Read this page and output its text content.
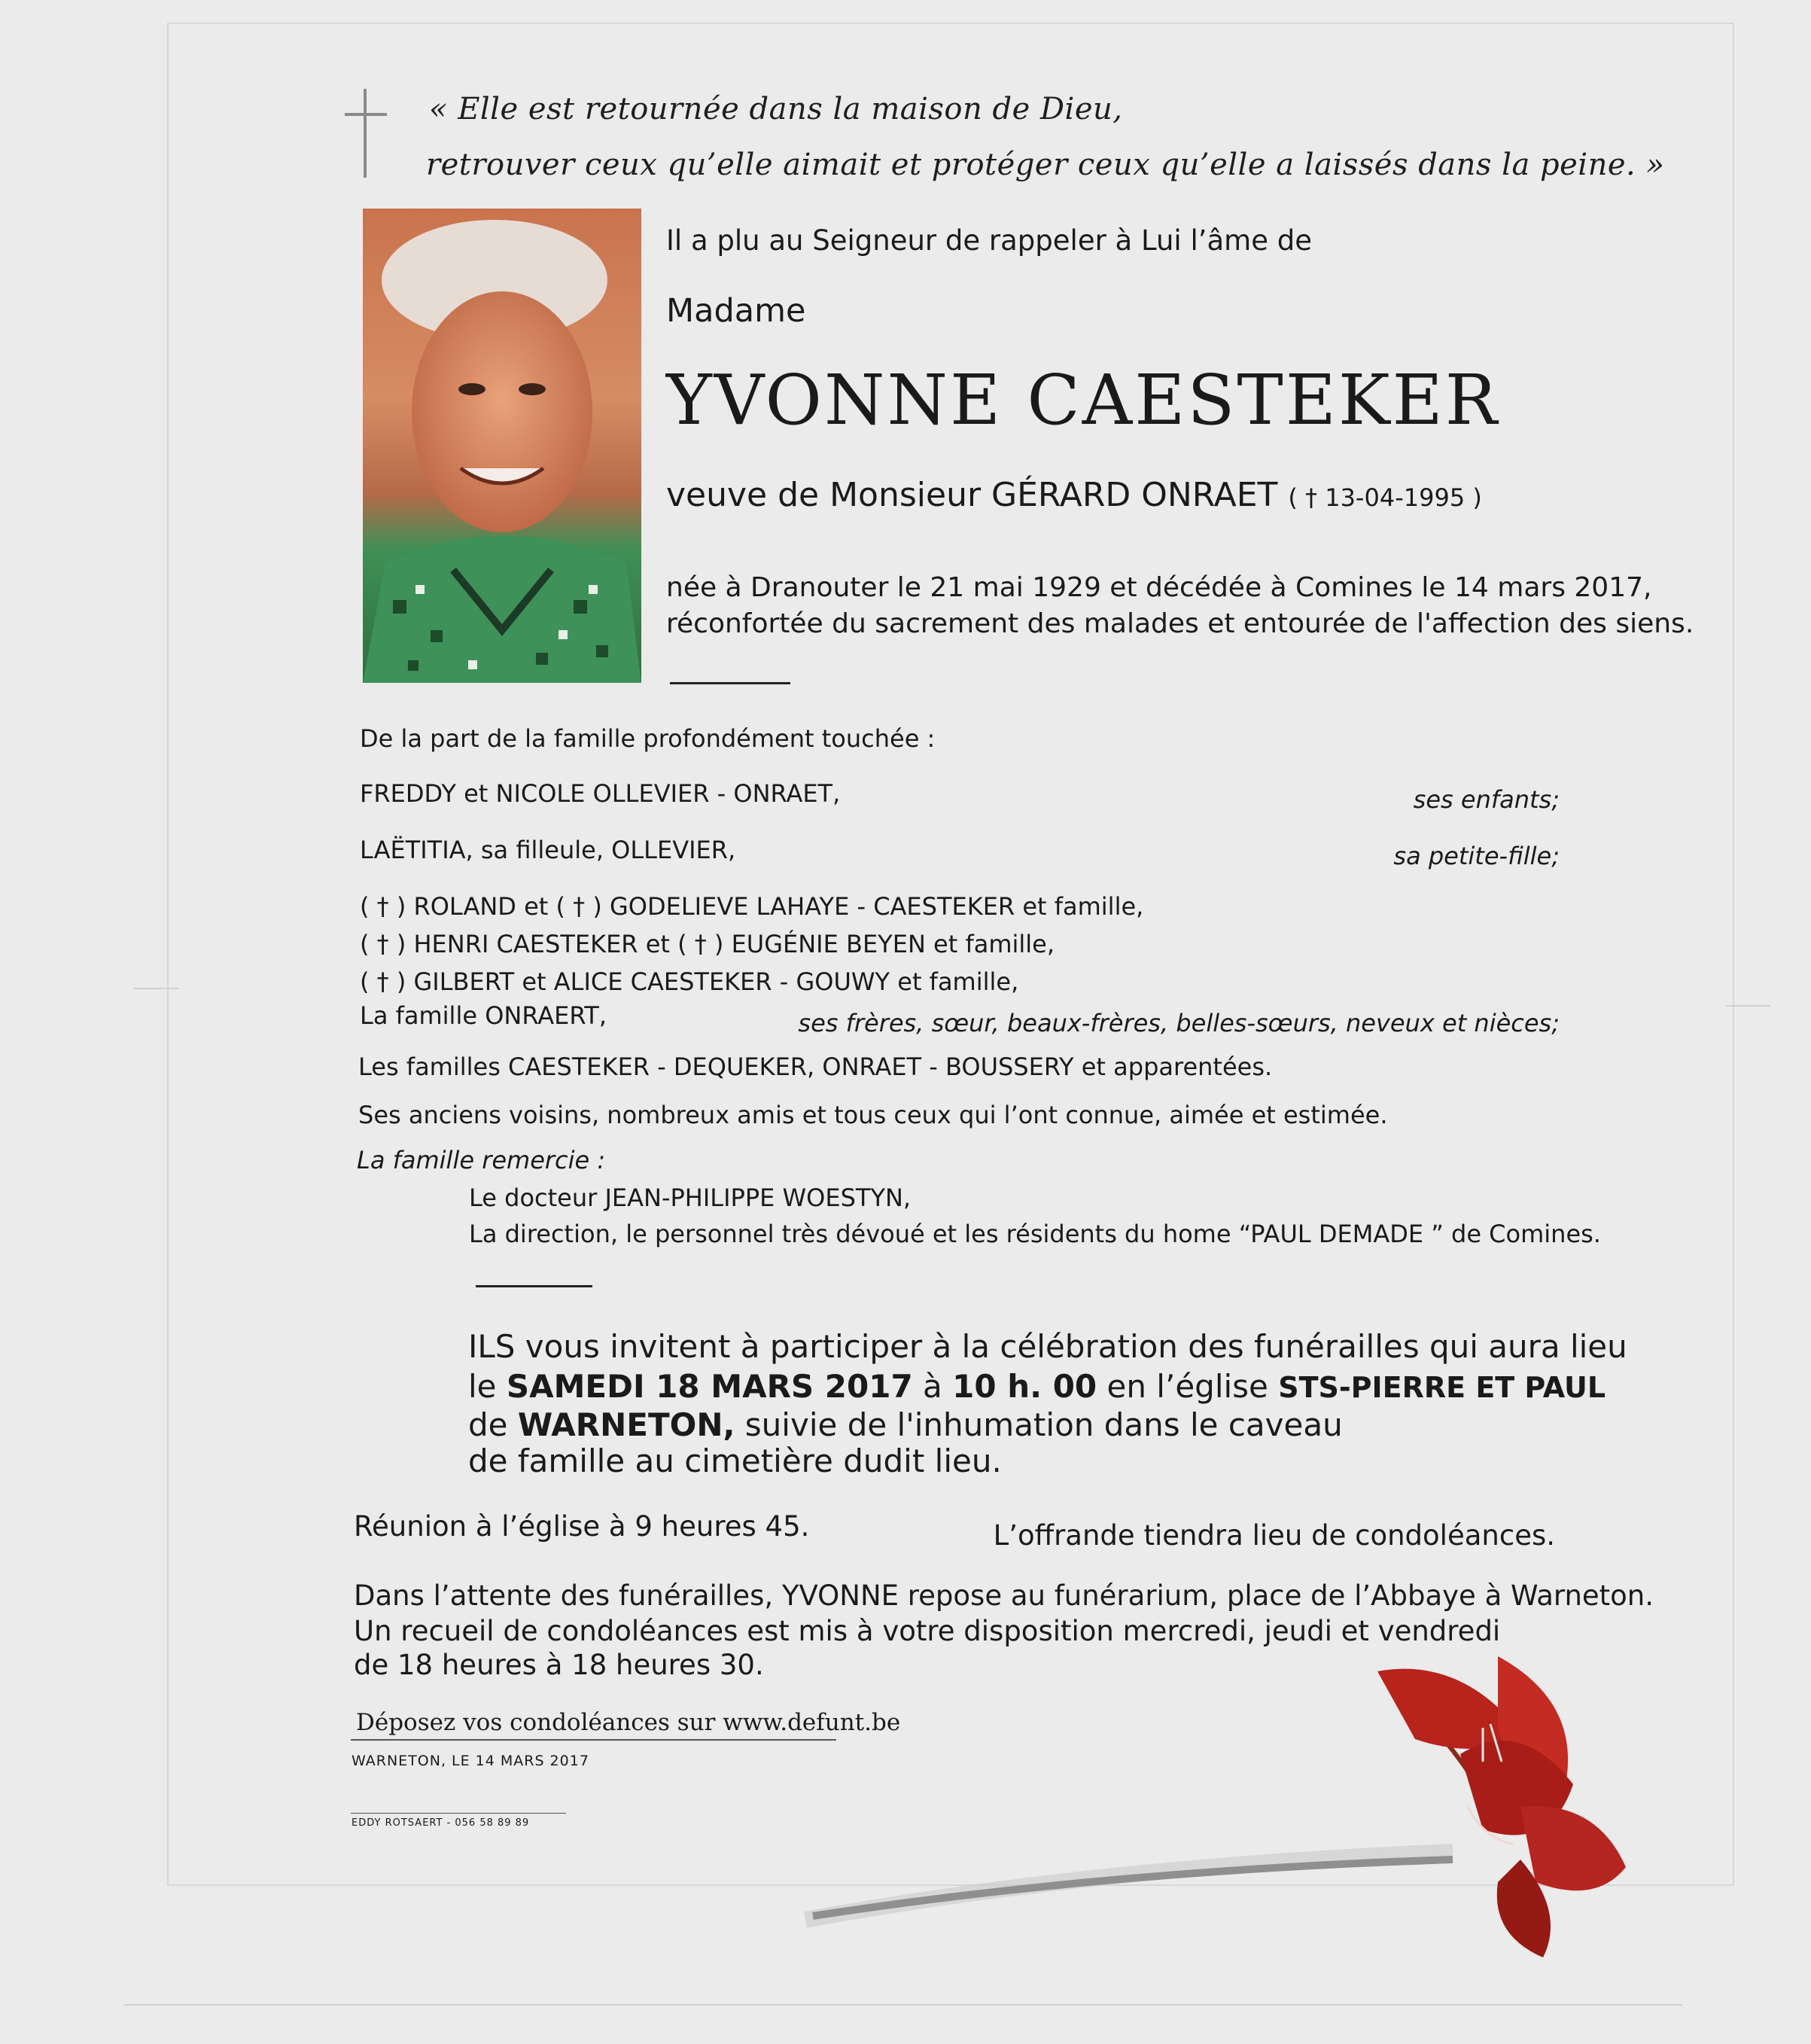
« Elle est retournée dans la maison de Dieu,
retrouver ceux qu’elle aimait et protéger ceux qu’elle a laissés dans la peine. »
Il a plu au Seigneur de rappeler à Lui l’âme de
Madame
YVONNE CAESTEKER
veuve de Monsieur GÉRARD ONRAET ( † 13-04-1995 )
née à Dranouter le 21 mai 1929 et décédée à Comines le 14 mars 2017,
réconfortée du sacrement des malades et entourée de l'affection des siens.
De la part de la famille profondément touchée :
FREDDY et NICOLE OLLEVIER - ONRAET,	ses enfants;
LAËTITIA, sa filleule, OLLEVIER,	sa petite-fille;
( † ) ROLAND et ( † ) GODELIEVE LAHAYE - CAESTEKER et famille,
( † ) HENRI CAESTEKER et ( † ) EUGÉNIE BEYEN et famille,
( † ) GILBERT et ALICE CAESTEKER - GOUWY et famille,
La famille ONRAERT,	ses frères, sœur, beaux-frères, belles-sœurs, neveux et nièces;
Les familles CAESTEKER - DEQUEKER, ONRAET - BOUSSERY et apparentées.
Ses anciens voisins, nombreux amis et tous ceux qui l’ont connue, aimée et estimée.
La famille remercie :
Le docteur JEAN-PHILIPPE WOESTYN,
La direction, le personnel très dévoué et les résidents du home “PAUL DEMADE ” de Comines.
ILS vous invitent à participer à la célébration des funérailles qui aura lieu
le SAMEDI 18 MARS 2017 à 10 h. 00 en l’église STS-PIERRE ET PAUL
de WARNETON, suivie de l'inhumation dans le caveau
de famille au cimetière dudit lieu.
Réunion à l’église à 9 heures 45.	L’offrande tiendra lieu de condoléances.
Dans l’attente des funérailles, YVONNE repose au funérarium, place de l’Abbaye à Warneton.
Un recueil de condoléances est mis à votre disposition mercredi, jeudi et vendredi
de 18 heures à 18 heures 30.
Déposez vos condoléances sur www.defunt.be
WARNETON, LE 14 MARS 2017
EDDY ROTSAERT - 056 58 89 89
